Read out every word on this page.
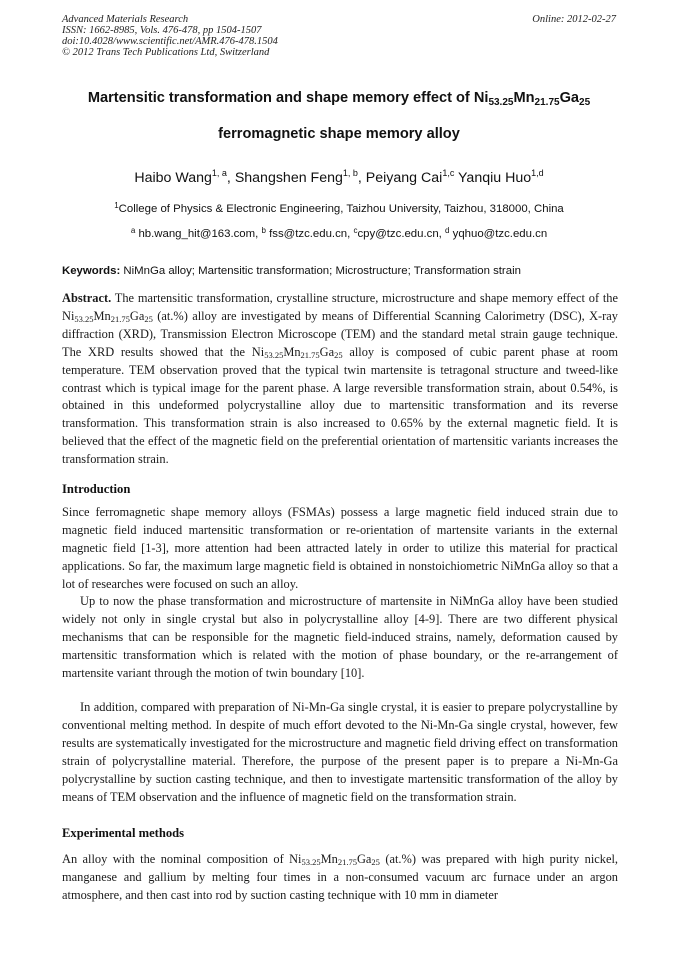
Advanced Materials Research
ISSN: 1662-8985, Vols. 476-478, pp 1504-1507
doi:10.4028/www.scientific.net/AMR.476-478.1504
© 2012 Trans Tech Publications Ltd, Switzerland
Online: 2012-02-27
Martensitic transformation and shape memory effect of $Ni_{53.25}Mn_{21.75}Ga_{25}$
ferromagnetic shape memory alloy
Haibo Wang$^{1, a}$, Shangshen Feng$^{1, b}$, Peiyang Cai$^{1,c}$ Yanqiu Huo$^{1,d}$
$^1$College of Physics & Electronic Engineering, Taizhou University, Taizhou, 318000, China
$^a$ hb.wang_hit@163.com, $^b$ fss@tzc.edu.cn, $^c$cpy@tzc.edu.cn, $^d$ yqhuo@tzc.edu.cn
Keywords: NiMnGa alloy; Martensitic transformation; Microstructure; Transformation strain
Abstract. The martensitic transformation, crystalline structure, microstructure and shape memory effect of the $Ni_{53.25}Mn_{21.75}Ga_{25}$ (at.%) alloy are investigated by means of Differential Scanning Calorimetry (DSC), X-ray diffraction (XRD), Transmission Electron Microscope (TEM) and the standard metal strain gauge technique. The XRD results showed that the $Ni_{53.25}Mn_{21.75}Ga_{25}$ alloy is composed of cubic parent phase at room temperature. TEM observation proved that the typical twin martensite is tetragonal structure and tweed-like contrast which is typical image for the parent phase. A large reversible transformation strain, about 0.54%, is obtained in this undeformed polycrystalline alloy due to martensitic transformation and its reverse transformation. This transformation strain is also increased to 0.65% by the external magnetic field. It is believed that the effect of the magnetic field on the preferential orientation of martensitic variants increases the transformation strain.
Introduction
Since ferromagnetic shape memory alloys (FSMAs) possess a large magnetic field induced strain due to magnetic field induced martensitic transformation or re-orientation of martensite variants in the external magnetic field [1-3], more attention had been attracted lately in order to utilize this material for practical applications. So far, the maximum large magnetic field is obtained in nonstoichiometric NiMnGa alloy so that a lot of researches were focused on such an alloy.
Up to now the phase transformation and microstructure of martensite in NiMnGa alloy have been studied widely not only in single crystal but also in polycrystalline alloy [4-9]. There are two different physical mechanisms that can be responsible for the magnetic field-induced strains, namely, deformation caused by martensitic transformation which is related with the motion of phase boundary, or the re-arrangement of martensite variant through the motion of twin boundary [10].
In addition, compared with preparation of Ni-Mn-Ga single crystal, it is easier to prepare polycrystalline by conventional melting method. In despite of much effort devoted to the Ni-Mn-Ga single crystal, however, few results are systematically investigated for the microstructure and magnetic field driving effect on transformation strain of polycrystalline material. Therefore, the purpose of the present paper is to prepare a Ni-Mn-Ga polycrystalline by suction casting technique, and then to investigate martensitic transformation of the alloy by means of TEM observation and the influence of magnetic field on the transformation strain.
Experimental methods
An alloy with the nominal composition of $Ni_{53.25}Mn_{21.75}Ga_{25}$ (at.%) was prepared with high purity nickel, manganese and gallium by melting four times in a non-consumed vacuum arc furnace under an argon atmosphere, and then cast into rod by suction casting technique with 10 mm in diameter
